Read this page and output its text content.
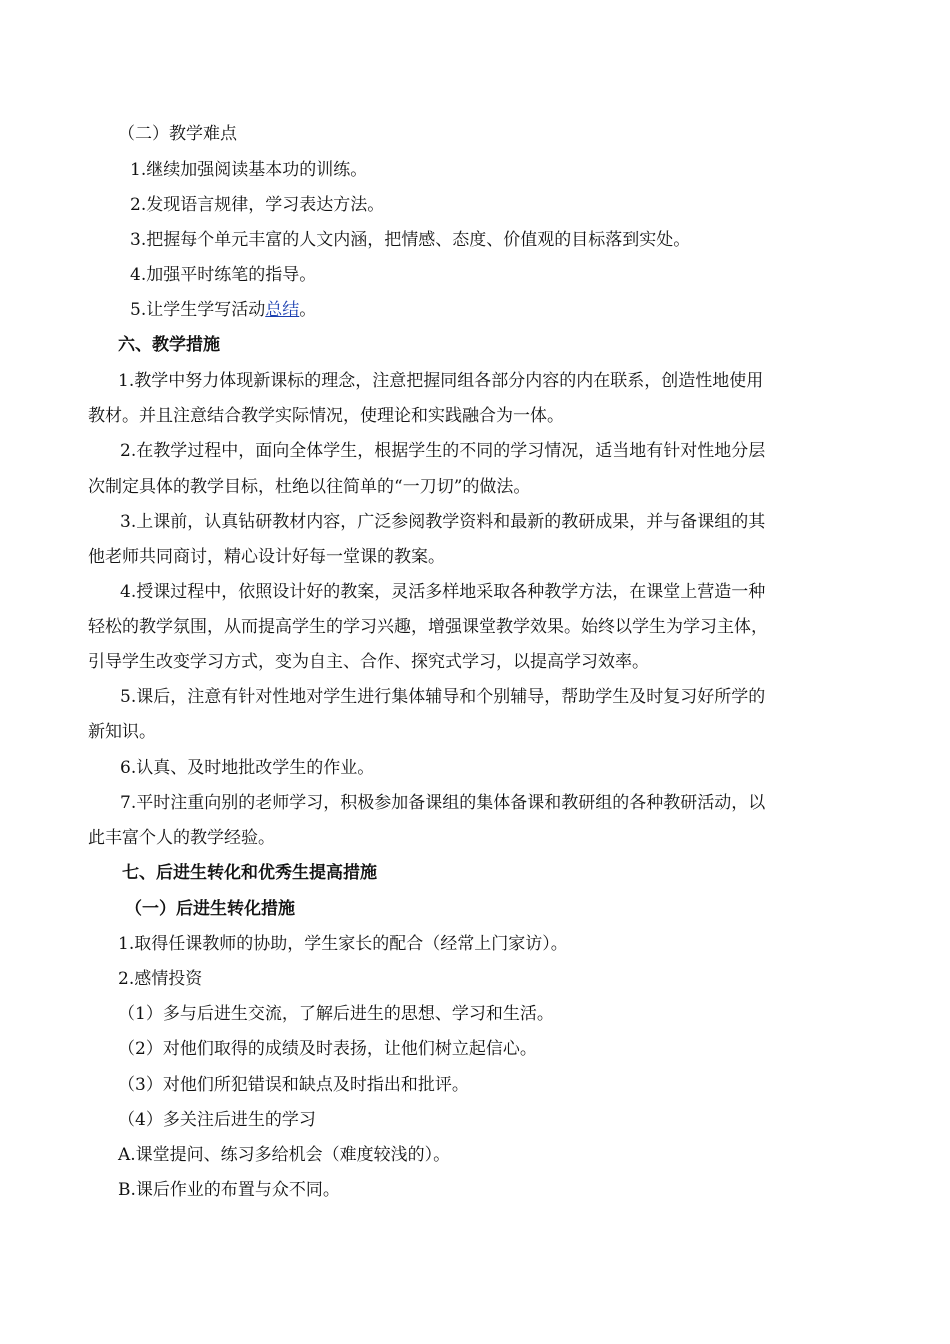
（二）教学难点
1.继续加强阅读基本功的训练。
2.发现语言规律，学习表达方法。
3.把握每个单元丰富的人文内涵，把情感、态度、价值观的目标落到实处。
4.加强平时练笔的指导。
5.让学生学写活动总结。
六、教学措施
1.教学中努力体现新课标的理念，注意把握同组各部分内容的内在联系，创造性地使用
教材。并且注意结合教学实际情况，使理论和实践融合为一体。
2.在教学过程中，面向全体学生，根据学生的不同的学习情况，适当地有针对性地分层
次制定具体的教学目标，杜绝以往简单的“一刀切”的做法。
3.上课前，认真钻研教材内容，广泛参阅教学资料和最新的教研成果，并与备课组的其
他老师共同商讨，精心设计好每一堂课的教案。
4.授课过程中，依照设计好的教案，灵活多样地采取各种教学方法，在课堂上营造一种
轻松的教学氛围，从而提高学生的学习兴趣，增强课堂教学效果。始终以学生为学习主体，
引导学生改变学习方式，变为自主、合作、探究式学习，以提高学习效率。
5.课后，注意有针对性地对学生进行集体辅导和个别辅导，帮助学生及时复习好所学的
新知识。
6.认真、及时地批改学生的作业。
7.平时注重向别的老师学习，积极参加备课组的集体备课和教研组的各种教研活动，以
此丰富个人的教学经验。
七、后进生转化和优秀生提高措施
（一）后进生转化措施
1.取得任课教师的协助，学生家长的配合（经常上门家访）。
2.感情投资
（1）多与后进生交流，了解后进生的思想、学习和生活。
（2）对他们取得的成绩及时表扬，让他们树立起信心。
（3）对他们所犯错误和缺点及时指出和批评。
（4）多关注后进生的学习
A.课堂提问、练习多给机会（难度较浅的）。
B.课后作业的布置与众不同。
